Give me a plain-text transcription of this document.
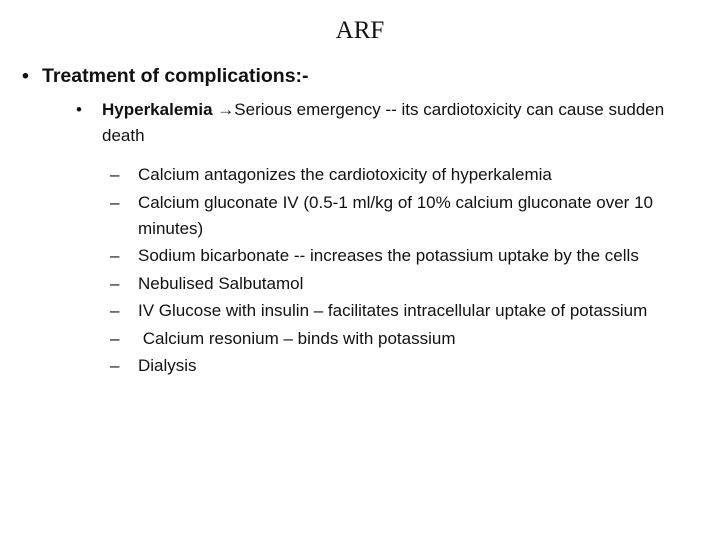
ARF
• Treatment of complications:-
• Hyperkalemia →Serious emergency -- its cardiotoxicity can cause sudden death
– Calcium antagonizes the cardiotoxicity of hyperkalemia
– Calcium gluconate IV (0.5-1 ml/kg of 10% calcium gluconate over 10 minutes)
– Sodium bicarbonate -- increases the potassium uptake by the cells
– Nebulised Salbutamol
– IV Glucose with insulin – facilitates intracellular uptake of potassium
– Calcium resonium – binds with potassium
– Dialysis
